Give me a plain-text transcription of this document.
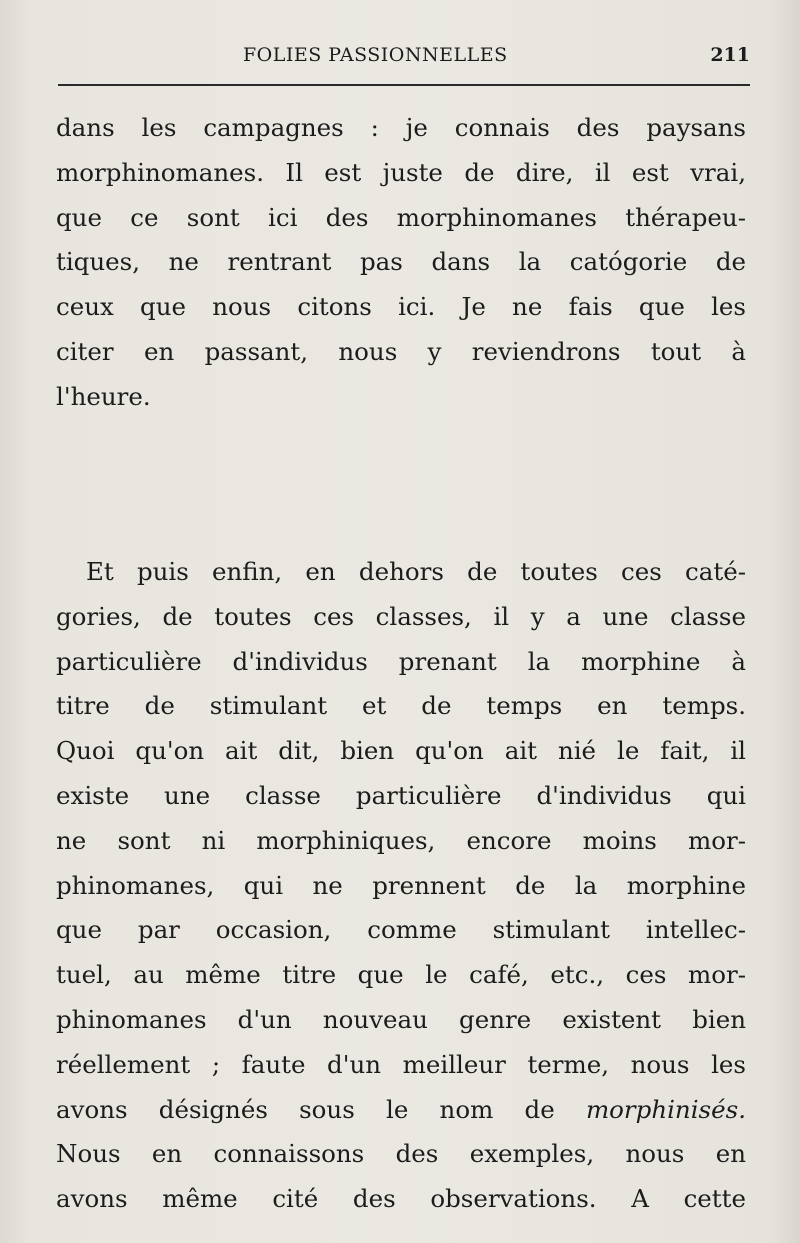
FOLIES PASSIONNELLES	211
dans les campagnes : je connais des paysans
morphinomanes. Il est juste de dire, il est vrai,
que ce sont ici des morphinomanes thérapeu-
tiques, ne rentrant pas dans la catógorie de
ceux que nous citons ici. Je ne fais que les
citer en passant, nous y reviendrons tout à
l'heure.
Et puis enfin, en dehors de toutes ces caté-
gories, de toutes ces classes, il y a une classe
particulière d'individus prenant la morphine à
titre de stimulant et de temps en temps.
Quoi qu'on ait dit, bien qu'on ait nié le fait, il
existe une classe particulière d'individus qui
ne sont ni morphiniques, encore moins mor-
phinomanes, qui ne prennent de la morphine
que par occasion, comme stimulant intellec-
tuel, au même titre que le café, etc., ces mor-
phinomanes d'un nouveau genre existent bien
réellement ; faute d'un meilleur terme, nous les
avons désignés sous le nom de morphinisés.
Nous en connaissons des exemples, nous en
avons même cité des observations. A cette
